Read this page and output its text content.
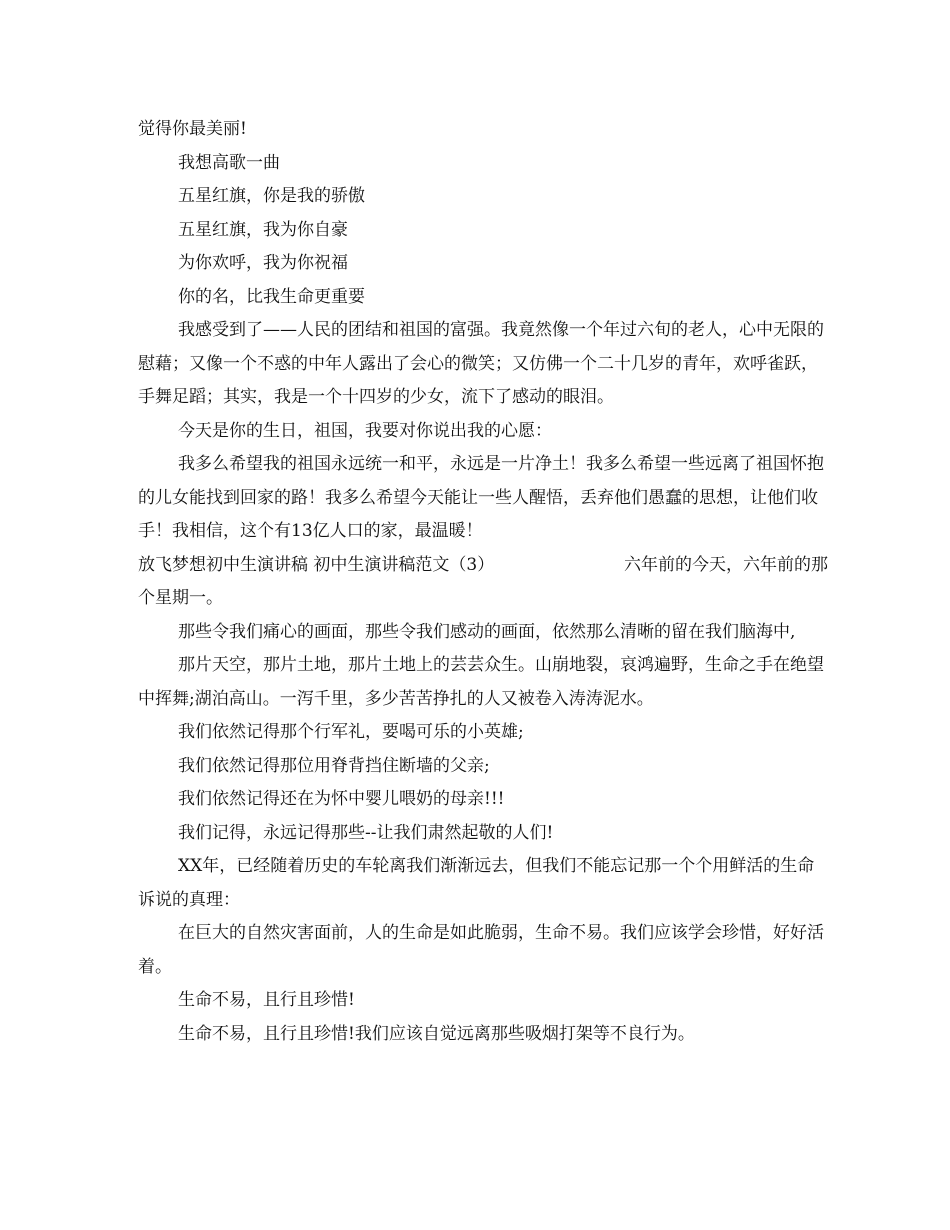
觉得你最美丽!

我想高歌一曲

五星红旗，你是我的骄傲

五星红旗，我为你自豪

为你欢呼，我为你祝福

你的名，比我生命更重要

我感受到了——人民的团结和祖国的富强。我竟然像一个年过六旬的老人，心中无限的慰藉；又像一个不惑的中年人露出了会心的微笑；又仿佛一个二十几岁的青年，欢呼雀跃，手舞足蹈；其实，我是一个十四岁的少女，流下了感动的眼泪。

今天是你的生日，祖国，我要对你说出我的心愿：

我多么希望我的祖国永远统一和平，永远是一片净土！我多么希望一些远离了祖国怀抱的儿女能找到回家的路！我多么希望今天能让一些人醒悟，丢弃他们愚蠢的思想，让他们收手！我相信，这个有13亿人口的家，最温暖！

放飞梦想初中生演讲稿 初中生演讲稿范文（3）	六年前的今天，六年前的那

个星期一。

那些令我们痛心的画面，那些令我们感动的画面，依然那么清晰的留在我们脑海中,

那片天空，那片土地，那片土地上的芸芸众生。山崩地裂，哀鸿遍野，生命之手在绝望中挥舞;湖泊高山。一泻千里，多少苦苦挣扎的人又被卷入涛涛泥水。

我们依然记得那个行军礼，要喝可乐的小英雄;

我们依然记得那位用脊背挡住断墙的父亲;

我们依然记得还在为怀中婴儿喂奶的母亲!!!

我们记得，永远记得那些--让我们肃然起敬的人们!

XX年，已经随着历史的车轮离我们渐渐远去，但我们不能忘记那一个个用鲜活的生命诉说的真理：

在巨大的自然灾害面前，人的生命是如此脆弱，生命不易。我们应该学会珍惜，好好活着。

生命不易，且行且珍惜!

生命不易，且行且珍惜!我们应该自觉远离那些吸烟打架等不良行为。
